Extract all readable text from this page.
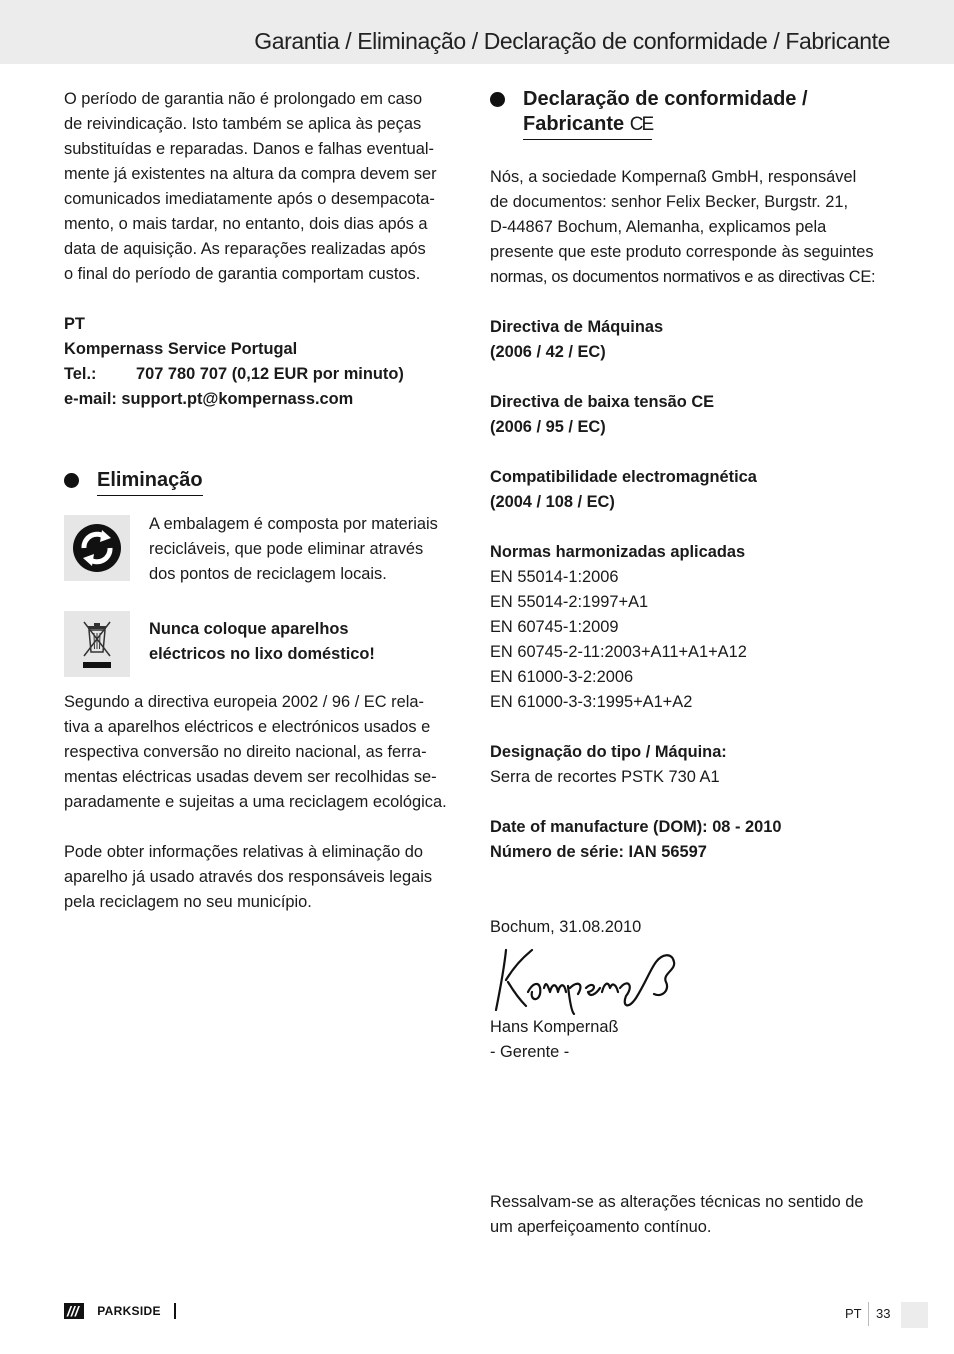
Garantia / Eliminação / Declaração de conformidade / Fabricante

O período de garantia não é prolongado em caso

de reivindicação. Isto também se aplica às peças

substituídas e reparadas. Danos e falhas eventual-

mente já existentes na altura da compra devem ser

comunicados imediatamente após o desempacota-

mento, o mais tardar, no entanto, dois dias após a

data de aquisição. As reparações realizadas após

o final do período de garantia comportam custos.

PT

Kompernass Service Portugal

Tel.: 707 780 707 (0,12 EUR por minuto)

e-mail: support.pt@kompernass.com

Eliminação

A embalagem é composta por materiais

recicláveis, que pode eliminar através

dos pontos de reciclagem locais.

Nunca coloque aparelhos

eléctricos no lixo doméstico!

Segundo a directiva europeia 2002 / 96 / EC rela-

tiva a aparelhos eléctricos e electrónicos usados e

respectiva conversão no direito nacional, as ferra-

mentas eléctricas usadas devem ser recolhidas se-

paradamente e sujeitas a uma reciclagem ecológica.

Pode obter informações relativas à eliminação do

aparelho já usado através dos responsáveis legais

pela reciclagem no seu município.

Declaração de conformidade /
Fabricante CE

Nós, a sociedade Kompernaß GmbH, responsável

de documentos: senhor Felix Becker, Burgstr. 21,

D-44867 Bochum, Alemanha, explicamos pela

presente que este produto corresponde às seguintes

normas, os documentos normativos e as directivas CE:

Directiva de Máquinas

(2006 / 42 / EC)

Directiva de baixa tensão CE

(2006 / 95 / EC)

Compatibilidade electromagnética

(2004 / 108 / EC)

Normas harmonizadas aplicadas

EN 55014-1:2006

EN 55014-2:1997+A1

EN 60745-1:2009

EN 60745-2-11:2003+A11+A1+A12

EN 61000-3-2:2006

EN 61000-3-3:1995+A1+A2

Designação do tipo / Máquina:

Serra de recortes PSTK 730 A1

Date of manufacture (DOM): 08 - 2010

Número de série: IAN 56597

Bochum, 31.08.2010

Hans Kompernaß

- Gerente -

Ressalvam-se as alterações técnicas no sentido de

um aperfeiçoamento contínuo.

///	PARKSIDE	PT 33
